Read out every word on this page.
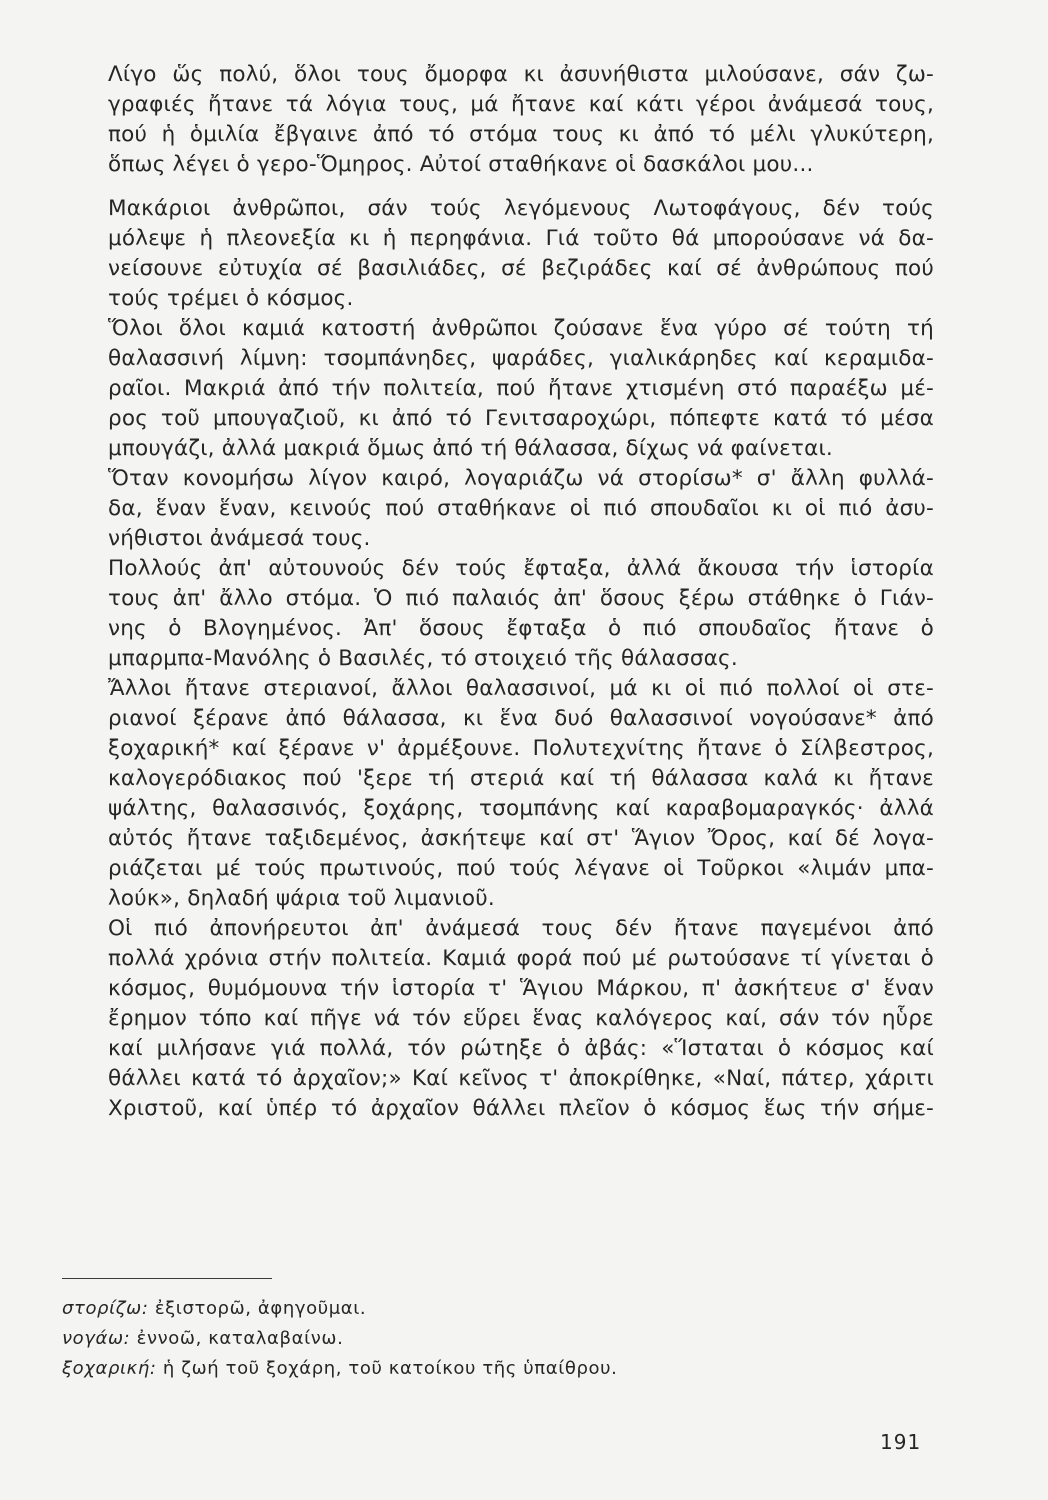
Λίγο ὥς πολύ, ὅλοι τους ὄμορφα κι ἀσυνήθιστα μιλούσανε, σάν ζω-
γραφιές ἤτανε τά λόγια τους, μά ἤτανε καί κάτι γέροι ἀνάμεσά τους,
πού ἡ ὁμιλία ἔβγαινε ἀπό τό στόμα τους κι ἀπό τό μέλι γλυκύτερη,
ὅπως λέγει ὁ γερο-Ὅμηρος. Αὐτοί σταθήκανε οἱ δασκάλοι μου...
Μακάριοι ἀνθρῶποι, σάν τούς λεγόμενους Λωτοφάγους, δέν τούς
μόλεψε ἡ πλεονεξία κι ἡ περηφάνια. Γιά τοῦτο θά μπορούσανε νά δα-
νείσουνε εὐτυχία σέ βασιλιάδες, σέ βεζιράδες καί σέ ἀνθρώπους πού
τούς τρέμει ὁ κόσμος.
Ὅλοι ὅλοι καμιά κατοστή ἀνθρῶποι ζούσανε ἕνα γύρο σέ τούτη τή
θαλασσινή λίμνη: τσομπάνηδες, ψαράδες, γιαλικάρηδες καί κεραμιδα-
ραῖοι. Μακριά ἀπό τήν πολιτεία, πού ἤτανε χτισμένη στό παραέξω μέ-
ρος τοῦ μπουγαζιοῦ, κι ἀπό τό Γενιτσαροχώρι, πόπεφτε κατά τό μέσα
μπουγάζι, ἀλλά μακριά ὅμως ἀπό τή θάλασσα, δίχως νά φαίνεται.
Ὅταν κονομήσω λίγον καιρό, λογαριάζω νά στορίσω* σ' ἄλλη φυλλά-
δα, ἕναν ἕναν, κεινούς πού σταθήκανε οἱ πιό σπουδαῖοι κι οἱ πιό ἀσυ-
νήθιστοι ἀνάμεσά τους.
Πολλούς ἀπ' αὐτουνούς δέν τούς ἔφταξα, ἀλλά ἄκουσα τήν ἱστορία
τους ἀπ' ἄλλο στόμα. Ὁ πιό παλαιός ἀπ' ὅσους ξέρω στάθηκε ὁ Γιάν-
νης ὁ Βλογημένος. Ἀπ' ὅσους ἔφταξα ὁ πιό σπουδαῖος ἤτανε ὁ
μπαρμπα-Μανόλης ὁ Βασιλές, τό στοιχειό τῆς θάλασσας.
Ἄλλοι ἤτανε στεριανοί, ἄλλοι θαλασσινοί, μά κι οἱ πιό πολλοί οἱ στε-
ριανοί ξέρανε ἀπό θάλασσα, κι ἕνα δυό θαλασσινοί νογούσανε* ἀπό
ξοχαρική* καί ξέρανε ν' ἀρμέξουνε. Πολυτεχνίτης ἤτανε ὁ Σίλβεστρος,
καλογερόδιακος πού 'ξερε τή στεριά καί τή θάλασσα καλά κι ἤτανε
ψάλτης, θαλασσινός, ξοχάρης, τσομπάνης καί καραβομαραγκός· ἀλλά
αὐτός ἤτανε ταξιδεμένος, ἀσκήτεψε καί στ' Ἅγιον Ὄρος, καί δέ λογα-
ριάζεται μέ τούς πρωτινούς, πού τούς λέγανε οἱ Τοῦρκοι «λιμάν μπα-
λούκ», δηλαδή ψάρια τοῦ λιμανιοῦ.
Οἱ πιό ἀπονήρευτοι ἀπ' ἀνάμεσά τους δέν ἤτανε παγεμένοι ἀπό
πολλά χρόνια στήν πολιτεία. Καμιά φορά πού μέ ρωτούσανε τί γίνεται ὁ
κόσμος, θυμόμουνα τήν ἱστορία τ' Ἅγιου Μάρκου, π' ἀσκήτευε σ' ἕναν
ἔρημον τόπο καί πῆγε νά τόν εὕρει ἕνας καλόγερος καί, σάν τόν ηὗρε
καί μιλήσανε γιά πολλά, τόν ρώτηξε ὁ ἀβάς: «Ἵσταται ὁ κόσμος καί
θάλλει κατά τό ἀρχαῖον;» Καί κεῖνος τ' ἀποκρίθηκε, «Ναί, πάτερ, χάριτι
Χριστοῦ, καί ὑπέρ τό ἀρχαῖον θάλλει πλεῖον ὁ κόσμος ἕως τήν σήμε-
στορίζω: ἐξιστορῶ, ἀφηγοῦμαι.
νογάω: ἐννοῶ, καταλαβαίνω.
ξοχαρική: ἡ ζωή τοῦ ξοχάρη, τοῦ κατοίκου τῆς ὑπαίθρου.
191
